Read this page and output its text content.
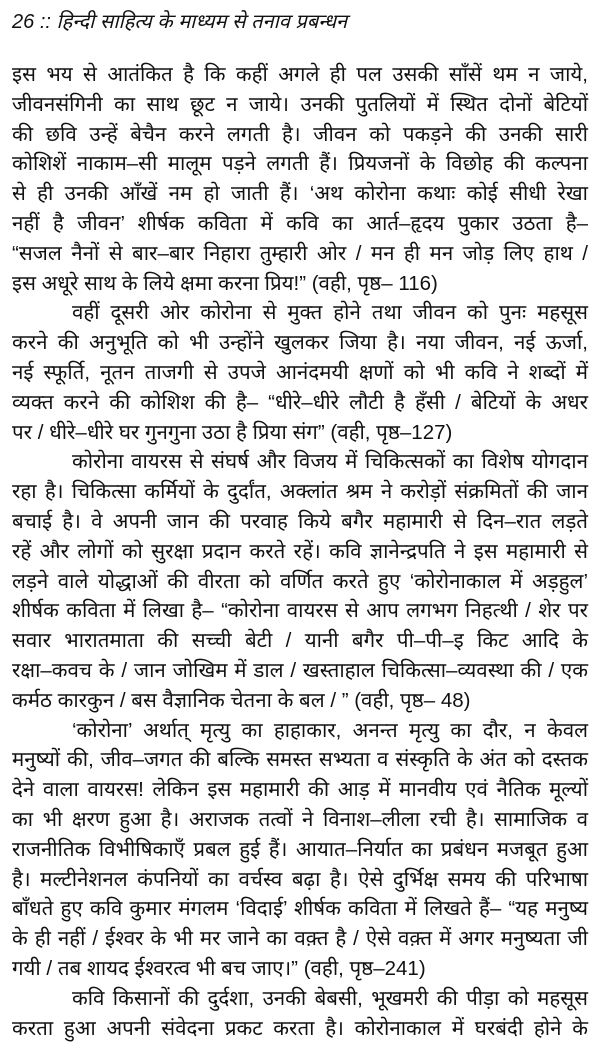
26 :: हिन्दी साहित्य के माध्यम से तनाव प्रबन्धन
इस भय से आतंकित है कि कहीं अगले ही पल उसकी साँसें थम न जाये,
जीवनसंगिनी का साथ छूट न जाये। उनकी पुतलियों में स्थित दोनों बेटियों
की छवि उन्हें बेचैन करने लगती है। जीवन को पकड़ने की उनकी सारी
कोशिशें नाकाम–सी मालूम पड़ने लगती हैं। प्रियजनों के विछोह की कल्पना
से ही उनकी आँखें नम हो जाती हैं। ‘अथ कोरोना कथाः कोई सीधी रेखा
नहीं है जीवन’ शीर्षक कविता में कवि का आर्त–हृदय पुकार उठता है–
“सजल नैनों से बार–बार निहारा तुम्हारी ओर / मन ही मन जोड़ लिए हाथ /
इस अधूरे साथ के लिये क्षमा करना प्रिय!” (वही, पृष्ठ– 116)
वहीं दूसरी ओर कोरोना से मुक्त होने तथा जीवन को पुनः महसूस
करने की अनुभूति को भी उन्होंने खुलकर जिया है। नया जीवन, नई ऊर्जा,
नई स्फूर्ति, नूतन ताजगी से उपजे आनंदमयी क्षणों को भी कवि ने शब्दों में
व्यक्त करने की कोशिश की है– “धीरे–धीरे लौटी है हँसी / बेटियों के अधर
पर / धीरे–धीरे घर गुनगुना उठा है प्रिया संग” (वही, पृष्ठ–127)
कोरोना वायरस से संघर्ष और विजय में चिकित्सकों का विशेष योगदान
रहा है। चिकित्सा कर्मियों के दुर्दांत, अक्लांत श्रम ने करोड़ों संक्रमितों की जान
बचाई है। वे अपनी जान की परवाह किये बगैर महामारी से दिन–रात लड़ते
रहें और लोगों को सुरक्षा प्रदान करते रहें। कवि ज्ञानेन्द्रपति ने इस महामारी से
लड़ने वाले योद्धाओं की वीरता को वर्णित करते हुए ‘कोरोनाकाल में अड़हुल’
शीर्षक कविता में लिखा है– “कोरोना वायरस से आप लगभग निहत्थी / शेर पर
सवार भारातमाता की सच्ची बेटी / यानी बगैर पी–पी–इ किट आदि के
रक्षा–कवच के / जान जोखिम में डाल / खस्ताहाल चिकित्सा–व्यवस्था की / एक
कर्मठ कारकुन / बस वैज्ञानिक चेतना के बल / ” (वही, पृष्ठ– 48)
‘कोरोना’ अर्थात् मृत्यु का हाहाकार, अनन्त मृत्यु का दौर, न केवल
मनुष्यों की, जीव–जगत की बल्कि समस्त सभ्यता व संस्कृति के अंत को दस्तक
देने वाला वायरस! लेकिन इस महामारी की आड़ में मानवीय एवं नैतिक मूल्यों
का भी क्षरण हुआ है। अराजक तत्वों ने विनाश–लीला रची है। सामाजिक व
राजनीतिक विभीषिकाएँ प्रबल हुई हैं। आयात–निर्यात का प्रबंधन मजबूत हुआ
है। मल्टीनेशनल कंपनियों का वर्चस्व बढ़ा है। ऐसे दुर्भिक्ष समय की परिभाषा
बाँधते हुए कवि कुमार मंगलम ‘विदाई’ शीर्षक कविता में लिखते हैं– “यह मनुष्य
के ही नहीं / ईश्वर के भी मर जाने का वक़्त है / ऐसे वक़्त में अगर मनुष्यता जी
गयी / तब शायद ईश्वरत्व भी बच जाए।” (वही, पृष्ठ–241)
कवि किसानों की दुर्दशा, उनकी बेबसी, भूखमरी की पीड़ा को महसूस
करता हुआ अपनी संवेदना प्रकट करता है। कोरोनाकाल में घरबंदी होने के
